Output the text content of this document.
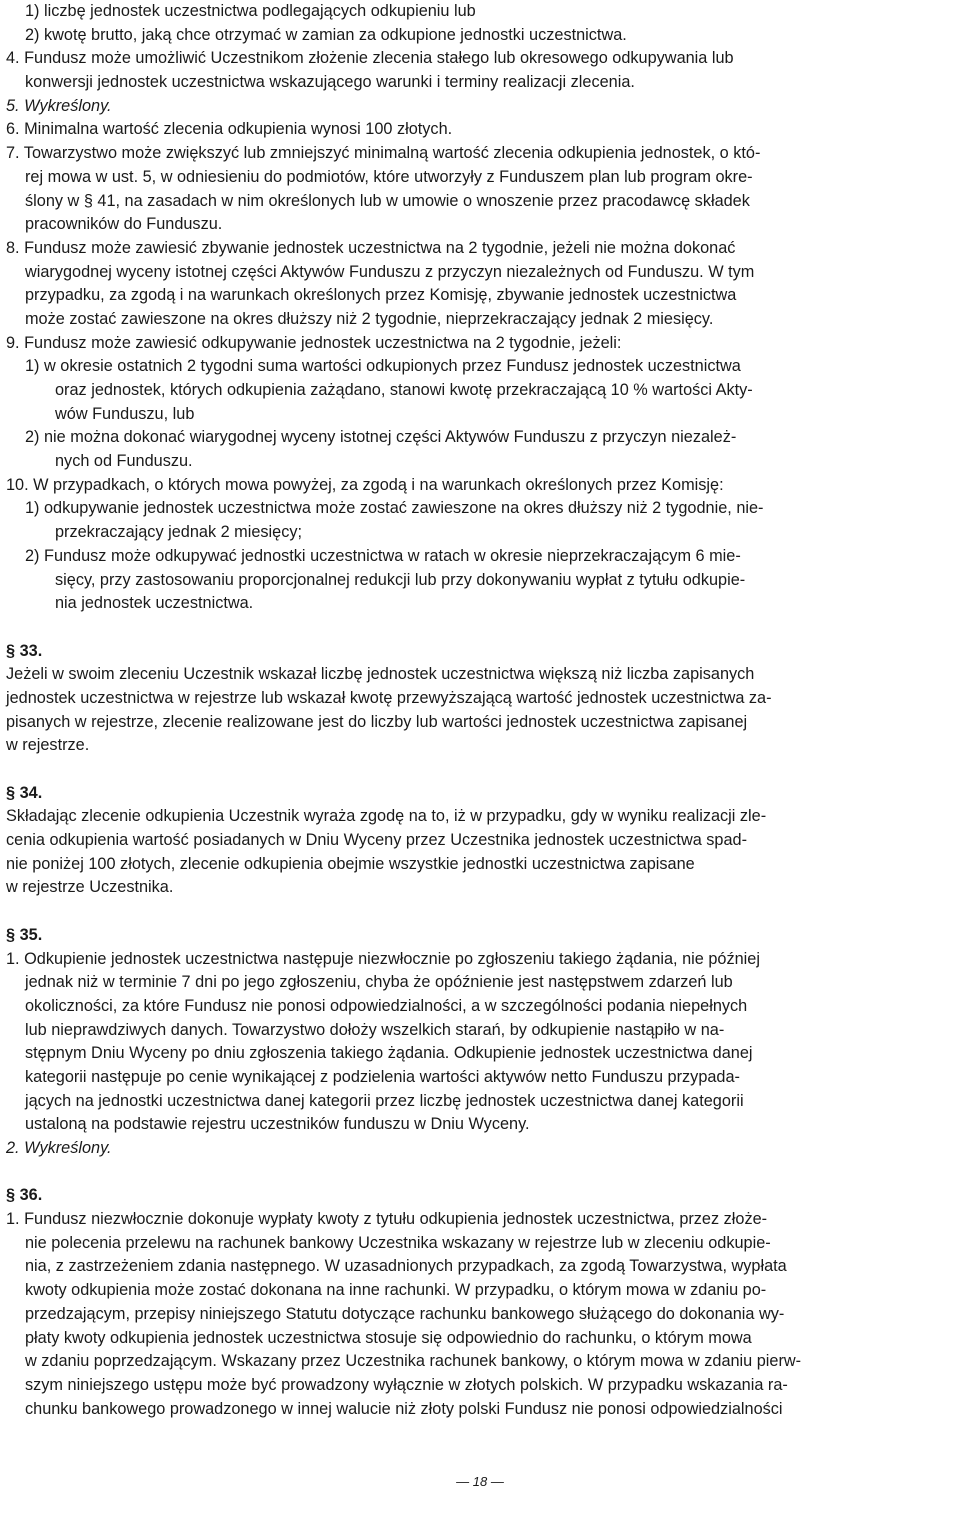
1) liczbę jednostek uczestnictwa podlegających odkupieniu lub
2) kwotę brutto, jaką chce otrzymać w zamian za odkupione jednostki uczestnictwa.
4. Fundusz może umożliwić Uczestnikom złożenie zlecenia stałego lub okresowego odkupywania lub
konwersji jednostek uczestnictwa wskazującego warunki i terminy realizacji zlecenia.
5. Wykreślony.
6. Minimalna wartość zlecenia odkupienia wynosi 100 złotych.
7. Towarzystwo może zwiększyć lub zmniejszyć minimalną wartość zlecenia odkupienia jednostek, o któ-
rej mowa w ust. 5, w odniesieniu do podmiotów, które utworzyły z Funduszem plan lub program okre-
ślony w § 41, na zasadach w nim określonych lub w umowie o wnoszenie przez pracodawcę składek
pracowników do Funduszu.
8. Fundusz może zawiesić zbywanie jednostek uczestnictwa na 2 tygodnie, jeżeli nie można dokonać
wiarygodnej wyceny istotnej części Aktywów Funduszu z przyczyn niezależnych od Funduszu. W tym
przypadku, za zgodą i na warunkach określonych przez Komisję, zbywanie jednostek uczestnictwa
może zostać zawieszone na okres dłuższy niż 2 tygodnie, nieprzekraczający jednak 2 miesięcy.
9. Fundusz może zawiesić odkupywanie jednostek uczestnictwa na 2 tygodnie, jeżeli:
1) w okresie ostatnich 2 tygodni suma wartości odkupionych przez Fundusz jednostek uczestnictwa
oraz jednostek, których odkupienia zażądano, stanowi kwotę przekraczającą 10 % wartości Akty-
wów Funduszu, lub
2) nie można dokonać wiarygodnej wyceny istotnej części Aktywów Funduszu z przyczyn niezależ-
nych od Funduszu.
10. W przypadkach, o których mowa powyżej, za zgodą i na warunkach określonych przez Komisję:
1) odkupywanie jednostek uczestnictwa może zostać zawieszone na okres dłuższy niż 2 tygodnie, nie-
przekraczający jednak 2 miesięcy;
2) Fundusz może odkupywać jednostki uczestnictwa w ratach w okresie nieprzekraczającym 6 mie-
sięcy, przy zastosowaniu proporcjonalnej redukcji lub przy dokonywaniu wypłat z tytułu odkupie-
nia jednostek uczestnictwa.
§ 33.
Jeżeli w swoim zleceniu Uczestnik wskazał liczbę jednostek uczestnictwa większą niż liczba zapisanych
jednostek uczestnictwa w rejestrze lub wskazał kwotę przewyższającą wartość jednostek uczestnictwa za-
pisanych w rejestrze, zlecenie realizowane jest do liczby lub wartości jednostek uczestnictwa zapisanej
w rejestrze.
§ 34.
Składając zlecenie odkupienia Uczestnik wyraża zgodę na to, iż w przypadku, gdy w wyniku realizacji zle-
cenia odkupienia wartość posiadanych w Dniu Wyceny przez Uczestnika jednostek uczestnictwa spad-
nie poniżej 100 złotych, zlecenie odkupienia obejmie wszystkie jednostki uczestnictwa zapisane
w rejestrze Uczestnika.
§ 35.
1. Odkupienie jednostek uczestnictwa następuje niezwłocznie po zgłoszeniu takiego żądania, nie później
jednak niż w terminie 7 dni po jego zgłoszeniu, chyba że opóźnienie jest następstwem zdarzeń lub
okoliczności, za które Fundusz nie ponosi odpowiedzialności, a w szczególności podania niepełnych
lub nieprawdziwych danych. Towarzystwo dołoży wszelkich starań, by odkupienie nastąpiło w na-
stępnym Dniu Wyceny po dniu zgłoszenia takiego żądania. Odkupienie jednostek uczestnictwa danej
kategorii następuje po cenie wynikającej z podzielenia wartości aktywów netto Funduszu przypada-
jących na jednostki uczestnictwa danej kategorii przez liczbę jednostek uczestnictwa danej kategorii
ustaloną na podstawie rejestru uczestników funduszu w Dniu Wyceny.
2. Wykreślony.
§ 36.
1. Fundusz niezwłocznie dokonuje wypłaty kwoty z tytułu odkupienia jednostek uczestnictwa, przez złoże-
nie polecenia przelewu na rachunek bankowy Uczestnika wskazany w rejestrze lub w zleceniu odkupie-
nia, z zastrzeżeniem zdania następnego. W uzasadnionych przypadkach, za zgodą Towarzystwa, wypłata
kwoty odkupienia może zostać dokonana na inne rachunki. W przypadku, o którym mowa w zdaniu po-
przedzającym, przepisy niniejszego Statutu dotyczące rachunku bankowego służącego do dokonania wy-
płaty kwoty odkupienia jednostek uczestnictwa stosuje się odpowiednio do rachunku, o którym mowa
w zdaniu poprzedzającym. Wskazany przez Uczestnika rachunek bankowy, o którym mowa w zdaniu pierw-
szym niniejszego ustępu może być prowadzony wyłącznie w złotych polskich. W przypadku wskazania ra-
chunku bankowego prowadzonego w innej walucie niż złoty polski Fundusz nie ponosi odpowiedzialności
— 18 —
